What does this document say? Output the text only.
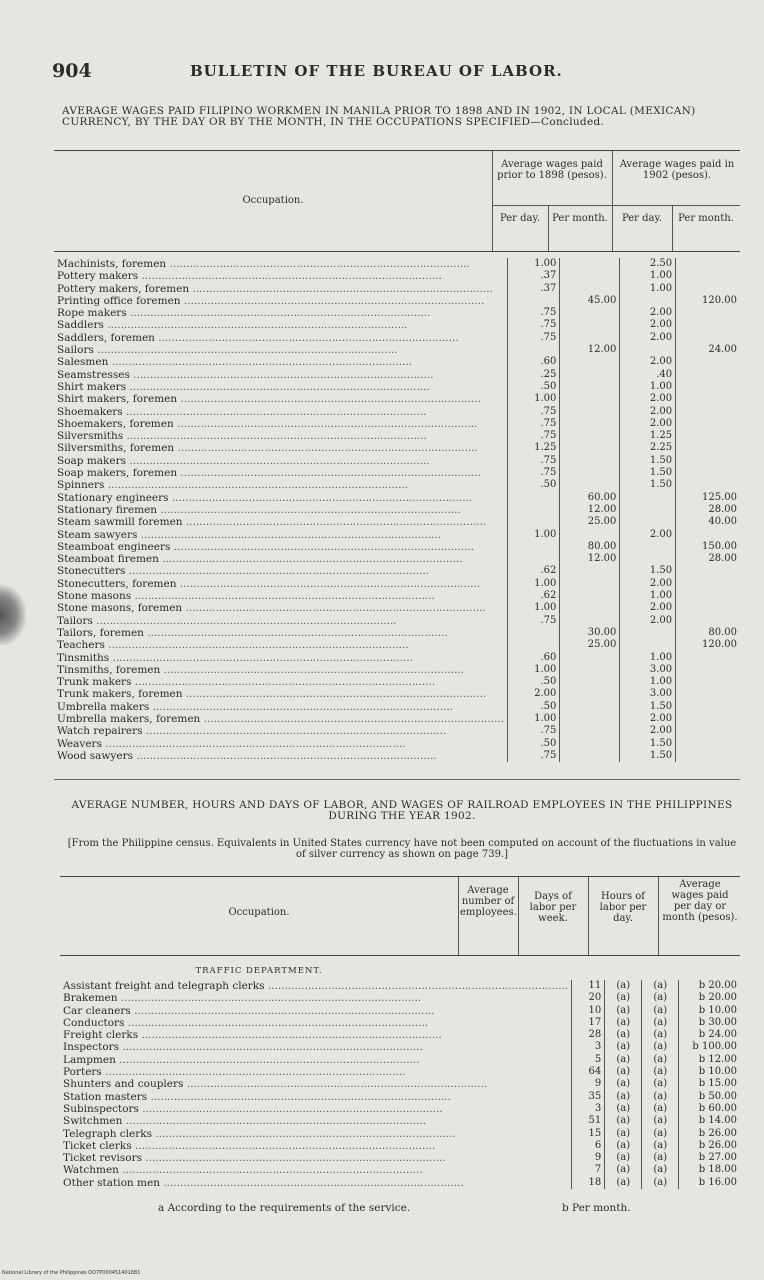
904	BULLETIN OF THE BUREAU OF LABOR.
AVERAGE WAGES PAID FILIPINO WORKMEN IN MANILA PRIOR TO 1898 AND IN 1902, IN LOCAL (MEXICAN) CURRENCY, BY THE DAY OR BY THE MONTH, IN THE OCCUPATIONS SPECIFIED—Concluded.
Occupation.
Average wages paid prior to 1898 (pesos).
Average wages paid in 1902 (pesos).
Per day.	Per month.	Per day.	Per month.
Machinists, foremen ..........................................................................................	1.00		2.50	
Pottery makers ..........................................................................................	.37		1.00	
Pottery makers, foremen ..........................................................................................	.37		1.00	
Printing office foremen ..........................................................................................		45.00		120.00
Rope makers ..........................................................................................	.75		2.00	
Saddlers ..........................................................................................	.75		2.00	
Saddlers, foremen ..........................................................................................	.75		2.00	
Sailors ..........................................................................................		12.00		24.00
Salesmen ..........................................................................................	.60		2.00	
Seamstresses ..........................................................................................	.25		.40	
Shirt makers ..........................................................................................	.50		1.00	
Shirt makers, foremen ..........................................................................................	1.00		2.00	
Shoemakers ..........................................................................................	.75		2.00	
Shoemakers, foremen ..........................................................................................	.75		2.00	
Silversmiths ..........................................................................................	.75		1.25	
Silversmiths, foremen ..........................................................................................	1.25		2.25	
Soap makers ..........................................................................................	.75		1.50	
Soap makers, foremen ..........................................................................................	.75		1.50	
Spinners ..........................................................................................	.50		1.50	
Stationary engineers ..........................................................................................		60.00		125.00
Stationary firemen ..........................................................................................		12.00		28.00
Steam sawmill foremen ..........................................................................................		25.00		40.00
Steam sawyers ..........................................................................................	1.00		2.00	
Steamboat engineers ..........................................................................................		80.00		150.00
Steamboat firemen ..........................................................................................		12.00		28.00
Stonecutters ..........................................................................................	.62		1.50	
Stonecutters, foremen ..........................................................................................	1.00		2.00	
Stone masons ..........................................................................................	.62		1.00	
Stone masons, foremen ..........................................................................................	1.00		2.00	
Tailors ..........................................................................................	.75		2.00	
Tailors, foremen ..........................................................................................		30.00		80.00
Teachers ..........................................................................................		25.00		120.00
Tinsmiths ..........................................................................................	.60		1.00	
Tinsmiths, foremen ..........................................................................................	1.00		3.00	
Trunk makers ..........................................................................................	.50		1.00	
Trunk makers, foremen ..........................................................................................	2.00		3.00	
Umbrella makers ..........................................................................................	.50		1.50	
Umbrella makers, foremen ..........................................................................................	1.00		2.00	
Watch repairers ..........................................................................................	.75		2.00	
Weavers ..........................................................................................	.50		1.50	
Wood sawyers ..........................................................................................	.75		1.50	
AVERAGE NUMBER, HOURS AND DAYS OF LABOR, AND WAGES OF RAILROAD EMPLOYEES IN THE PHILIPPINES DURING THE YEAR 1902.
[From the Philippine census. Equivalents in United States currency have not been computed on account of the fluctuations in value of silver currency as shown on page 739.]
Occupation.
Average number of employees.
Days of labor per week.
Hours of labor per day.
Average wages paid per day or month (pesos).
TRAFFIC DEPARTMENT.
Assistant freight and telegraph clerks ..........................................................................................	11	(a)	(a)	b 20.00
Brakemen ..........................................................................................	20	(a)	(a)	b 20.00
Car cleaners ..........................................................................................	10	(a)	(a)	b 10.00
Conductors ..........................................................................................	17	(a)	(a)	b 30.00
Freight clerks ..........................................................................................	28	(a)	(a)	b 24.00
Inspectors ..........................................................................................	3	(a)	(a)	b 100.00
Lampmen ..........................................................................................	5	(a)	(a)	b 12.00
Porters ..........................................................................................	64	(a)	(a)	b 10.00
Shunters and couplers ..........................................................................................	9	(a)	(a)	b 15.00
Station masters ..........................................................................................	35	(a)	(a)	b 50.00
Subinspectors ..........................................................................................	3	(a)	(a)	b 60.00
Switchmen ..........................................................................................	51	(a)	(a)	b 14.00
Telegraph clerks ..........................................................................................	15	(a)	(a)	b 26.00
Ticket clerks ..........................................................................................	6	(a)	(a)	b 26.00
Ticket revisors ..........................................................................................	9	(a)	(a)	b 27.00
Watchmen ..........................................................................................	7	(a)	(a)	b 18.00
Other station men ..........................................................................................	18	(a)	(a)	b 16.00
a According to the requirements of the service.	b Per month.
National Library of the Philippines DO7P000451401881
